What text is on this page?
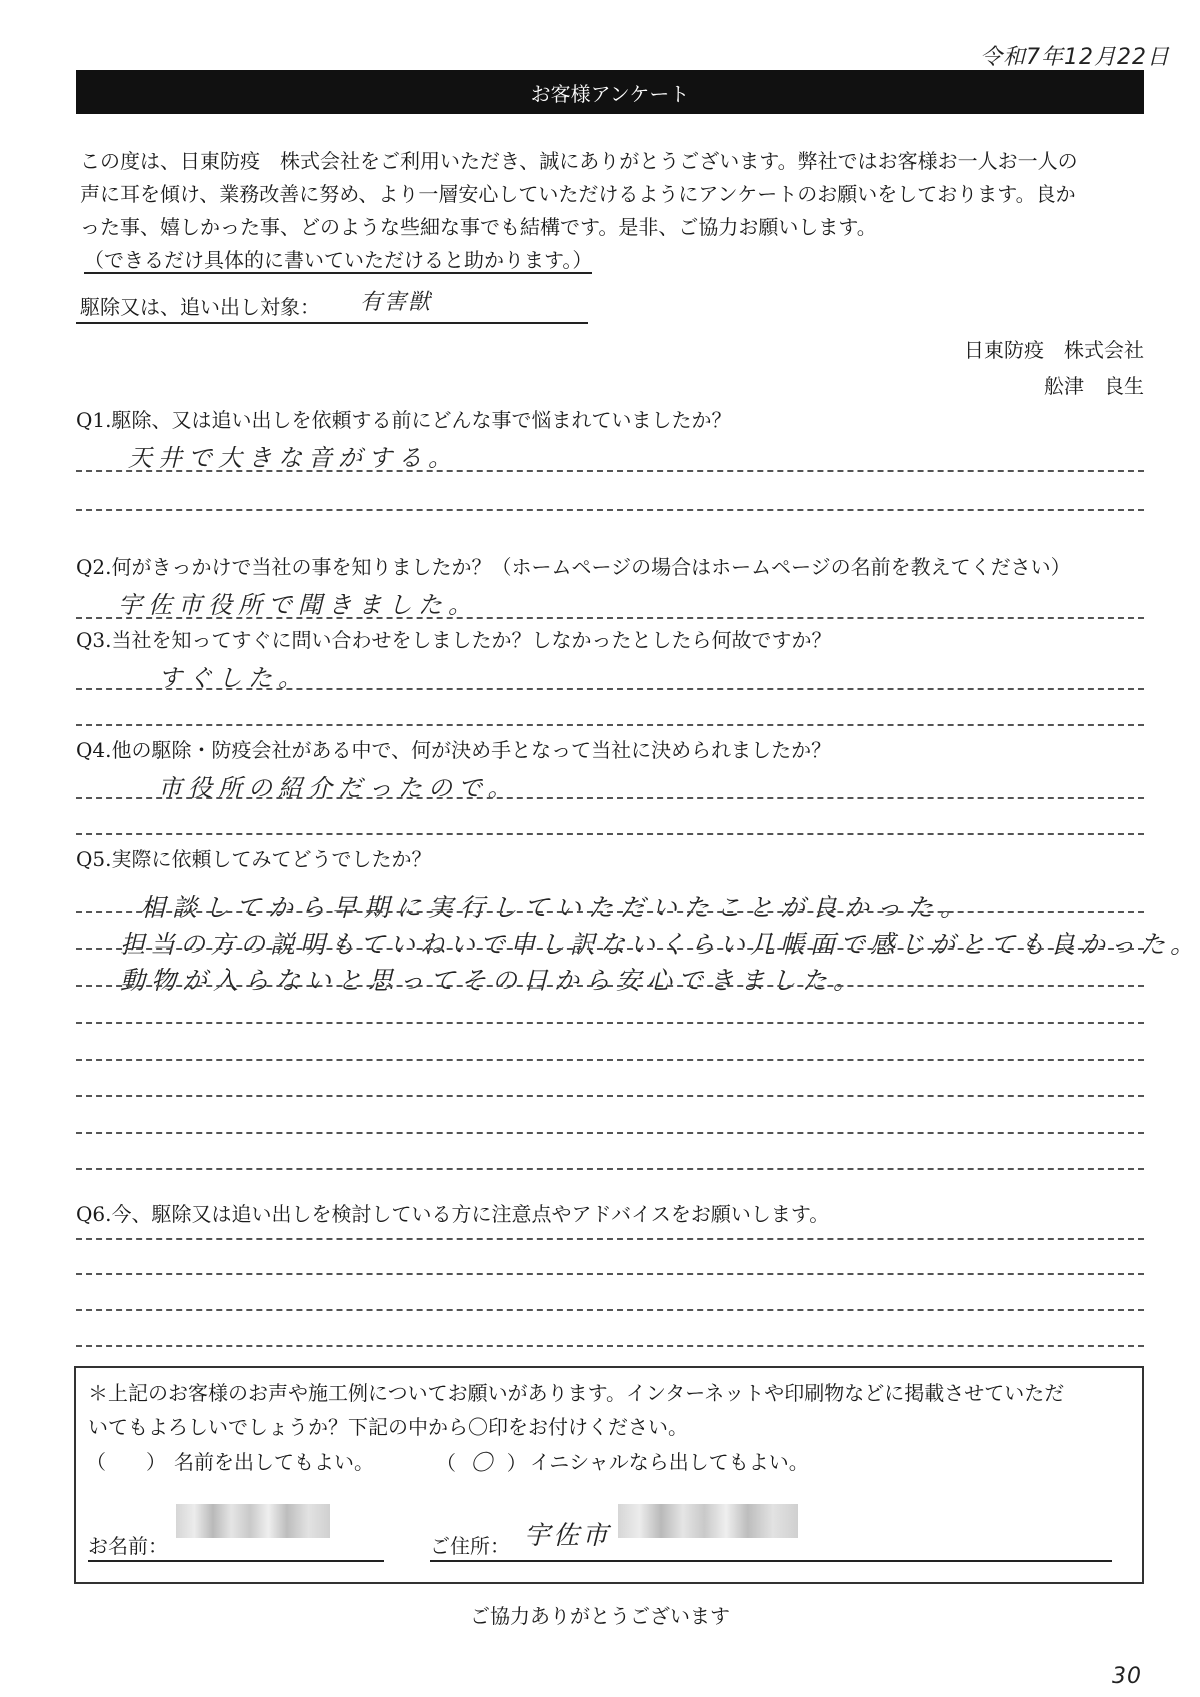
令和7年12月22日
お客様アンケート
この度は、日東防疫　株式会社をご利用いただき、誠にありがとうございます。弊社ではお客様お一人お一人の
声に耳を傾け、業務改善に努め、より一層安心していただけるようにアンケートのお願いをしております。良か
った事、嬉しかった事、どのような些細な事でも結構です。是非、ご協力お願いします。
（できるだけ具体的に書いていただけると助かります。）
駆除又は、追い出し対象： 有害獣
日東防疫　株式会社
舩津　良生
Q1.駆除、又は追い出しを依頼する前にどんな事で悩まれていましたか？
天井で大きな音がする。
Q2.何がきっかけで当社の事を知りましたか？（ホームページの場合はホームページの名前を教えてください）
宇佐市役所で聞きました。
Q3.当社を知ってすぐに問い合わせをしましたか？しなかったとしたら何故ですか？
すぐした。
Q4.他の駆除・防疫会社がある中で、何が決め手となって当社に決められましたか？
市役所の紹介だったので。
Q5.実際に依頼してみてどうでしたか？
相談してから早期に実行していただいたことが良かった。
担当の方の説明もていねいで申し訳ないくらい几帳面で感じがとても良かった。
動物が入らないと思ってその日から安心できました。
Q6.今、駆除又は追い出しを検討している方に注意点やアドバイスをお願いします。
＊上記のお客様のお声や施工例についてお願いがあります。インターネットや印刷物などに掲載させていただ
いてもよろしいでしょうか？下記の中から〇印をお付けください。
（　　） 名前を出してもよい。	（ 〇 ） イニシャルなら出してもよい。
お名前：	ご住所： 宇佐市
ご協力ありがとうございます
30
